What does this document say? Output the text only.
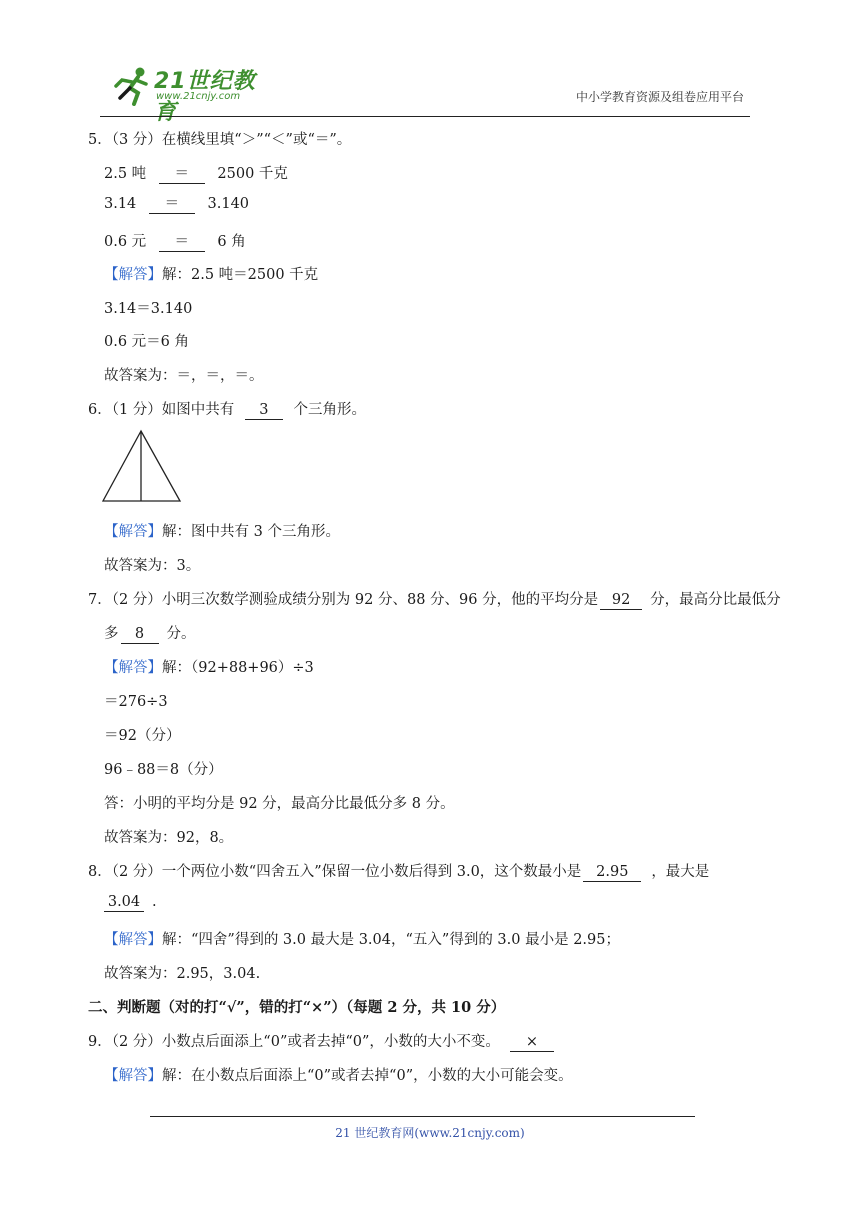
21世纪教育
www.21cnjy.com	中小学教育资源及组卷应用平台
5．（3 分）在横线里填“＞”“＜”或“＝”。
2.5 吨 ＝ 2500 千克
3.14 ＝ 3.140
0.6 元 ＝ 6 角
【解答】解：2.5 吨＝2500 千克
3.14＝3.140
0.6 元＝6 角
故答案为：＝，＝，＝。
6．（1 分）如图中共有 3 个三角形。
【解答】解：图中共有 3 个三角形。
故答案为：3。
7．（2 分）小明三次数学测验成绩分别为 92 分、88 分、96 分，他的平均分是 92 分，最高分比最低分
多 8 分。
【解答】解：（92+88+96）÷3
＝276÷3
＝92（分）
96﹣88＝8（分）
答：小明的平均分是 92 分，最高分比最低分多 8 分。
故答案为：92，8。
8．（2 分）一个两位小数“四舍五入”保留一位小数后得到 3.0，这个数最小是 2.95 ，最大是
3.04 .
【解答】解：“四舍”得到的 3.0 最大是 3.04，“五入”得到的 3.0 最小是 2.95；
故答案为：2.95，3.04.
二、判断题（对的打“√”，错的打“×”）（每题 2 分，共 10 分）
9．（2 分）小数点后面添上“0”或者去掉“0”，小数的大小不变。 ×
【解答】解：在小数点后面添上“0”或者去掉“0”，小数的大小可能会变。
21 世纪教育网(www.21cnjy.com)
